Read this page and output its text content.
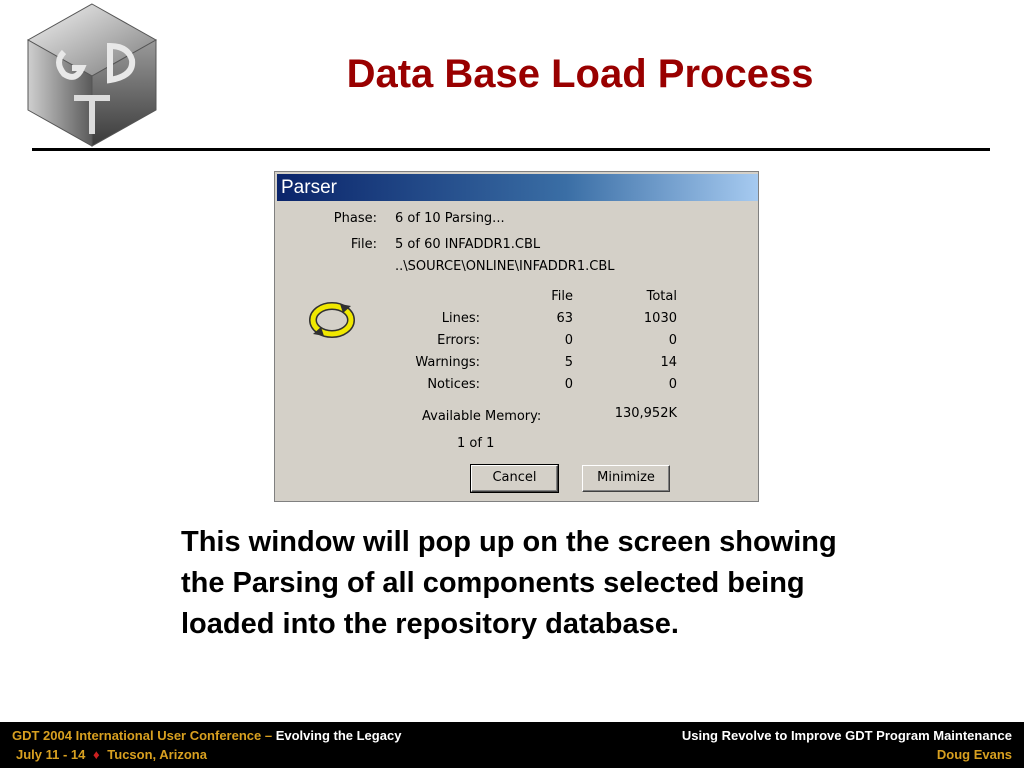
Data Base Load Process
Parser
Phase: 6 of 10 Parsing...
File: 5 of 60 INFADDR1.CBL
..\SOURCE\ONLINE\INFADDR1.CBL
File	Total
Lines:	63	1030
Errors:	0	0
Warnings:	5	14
Notices:	0	0
Available Memory:	130,952K
1 of 1
Cancel	Minimize
This window will pop up on the screen showing the Parsing of all components selected being loaded into the repository database.
GDT 2004 International User Conference – Evolving the Legacy
July 11 - 14 ♦ Tucson, Arizona
Using Revolve to Improve GDT Program Maintenance
Doug Evans
